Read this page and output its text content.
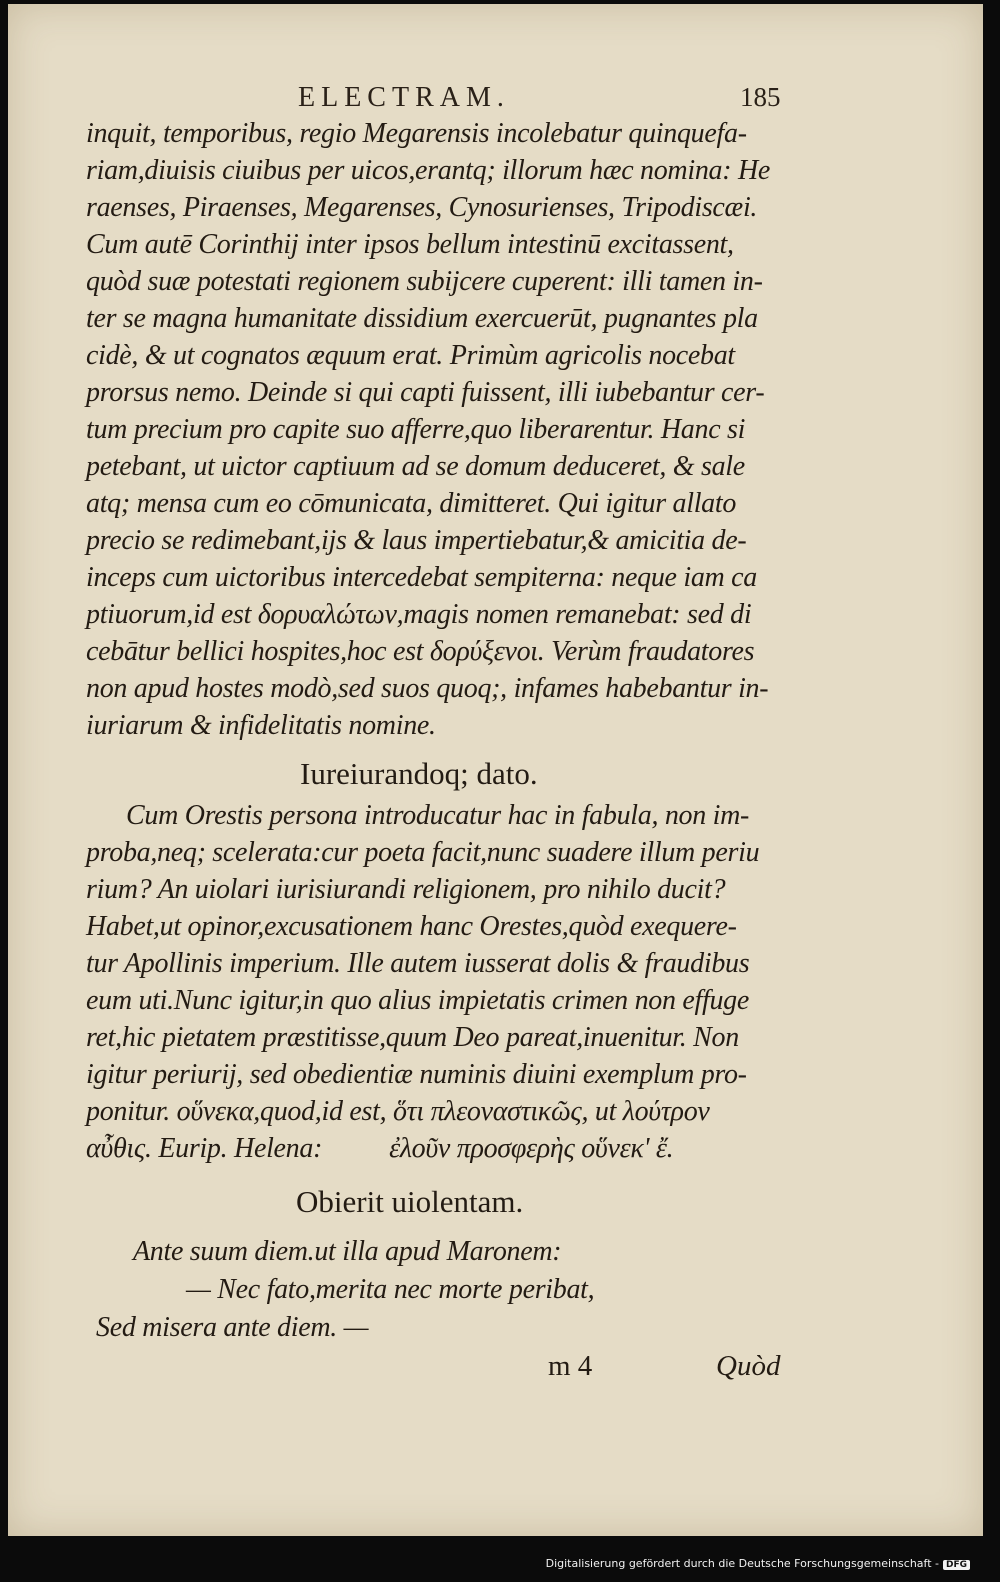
ELECTRAM.	185
inquit, temporibus, regio Megarensis incolebatur quinquefa-
riam,diuisis ciuibus per uicos,erantq; illorum hæc nomina: He
raenses, Piraenses, Megarenses, Cynosurienses, Tripodiscæi.
Cum autē Corinthij inter ipsos bellum intestinū excitassent,
quòd suæ potestati regionem subijcere cuperent: illi tamen in-
ter se magna humanitate dissidium exercuerūt, pugnantes pla
cidè, & ut cognatos æquum erat. Primùm agricolis nocebat
prorsus nemo. Deinde si qui capti fuissent, illi iubebantur cer-
tum precium pro capite suo afferre,quo liberarentur. Hanc si
petebant, ut uictor captiuum ad se domum deduceret, & sale
atq; mensa cum eo cōmunicata, dimitteret. Qui igitur allato
precio se redimebant,ijs & laus impertiebatur,& amicitia de-
inceps cum uictoribus intercedebat sempiterna: neque iam ca
ptiuorum,id est δορυαλώτων,magis nomen remanebat: sed di
cebātur bellici hospites,hoc est δορύξενοι. Verùm fraudatores
non apud hostes modò,sed suos quoq;, infames habebantur in-
iuriarum & infidelitatis nomine.
Iureiurandoq; dato.
Cum Orestis persona introducatur hac in fabula, non im-
proba,neq; scelerata:cur poeta facit,nunc suadere illum periu
rium? An uiolari iurisiurandi religionem, pro nihilo ducit?
Habet,ut opinor,excusationem hanc Orestes,quòd exequere-
tur Apollinis imperium. Ille autem iusserat dolis & fraudibus
eum uti.Nunc igitur,in quo alius impietatis crimen non effuge
ret,hic pietatem præstitisse,quum Deo pareat,inuenitur. Non
igitur periurij, sed obedientiæ numinis diuini exemplum pro-
ponitur. οὕνεκα,quod,id est, ὅτι πλεοναστικῶς, ut λούτρον
αὖθις. Eurip. Helena:          ἐλοῦν προσφερὴς οὕνεκ' ἔ.
Obierit uiolentam.
Ante suum diem.ut illa apud Maronem:
— Nec fato,merita nec morte peribat,
Sed misera ante diem. —
m 4	Quòd
Digitalisierung gefördert durch die Deutsche Forschungsgemeinschaft - DFG
